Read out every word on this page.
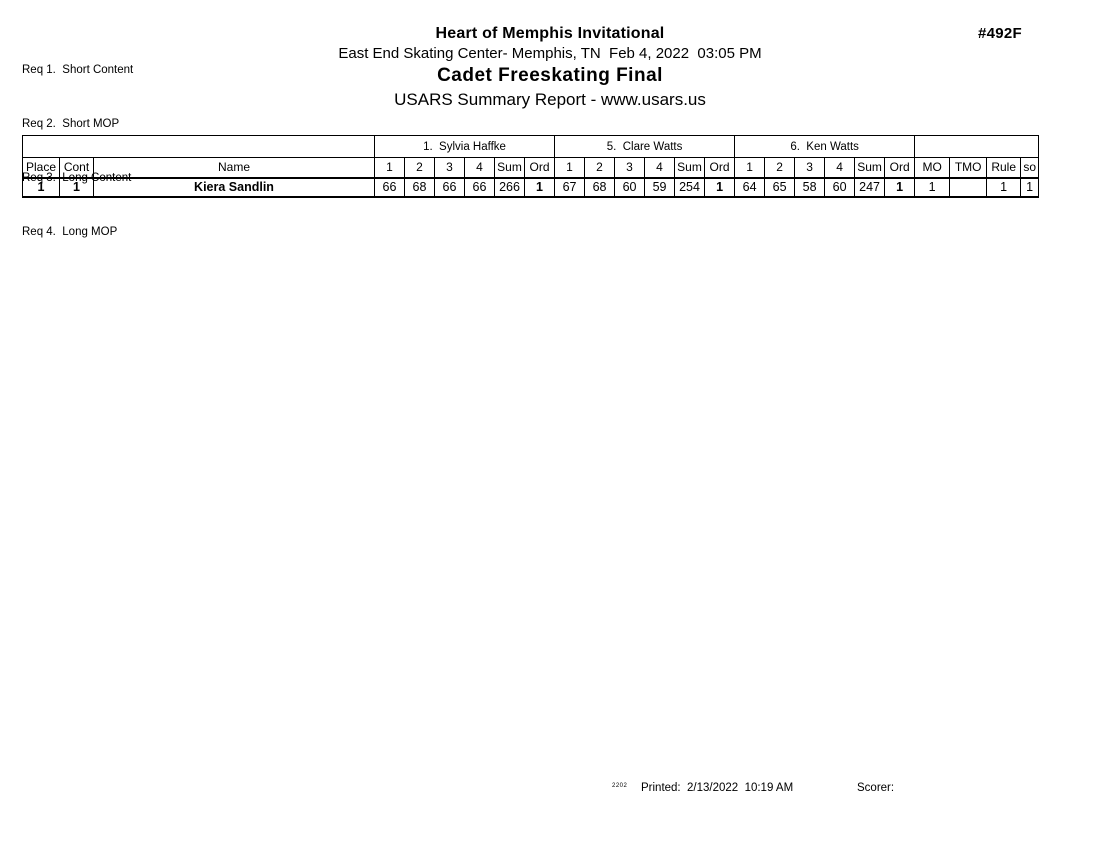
Req 1.  Short Content

Req 2.  Short MOP

Req 3.  Long Content

Req 4.  Long MOP

#492F
Heart of Memphis Invitational
East End Skating Center- Memphis, TN  Feb 4, 2022  03:05 PM
Cadet Freeskating Final
USARS Summary Report - www.usars.us
			1.  Sylvia Haffke						5.  Clare Watts						6.  Ken Watts									
Place	Cont	Name	1	2	3	4	Sum	Ord	1	2	3	4	Sum	Ord	1	2	3	4	Sum	Ord	MO	TMO	Rule	so
1	1	Kiera Sandlin	66	68	66	66	266	1	67	68	60	59	254	1	64	65	58	60	247	1	1		1	1
2202 Printed:  2/13/2022  10:19 AM	Scorer:
